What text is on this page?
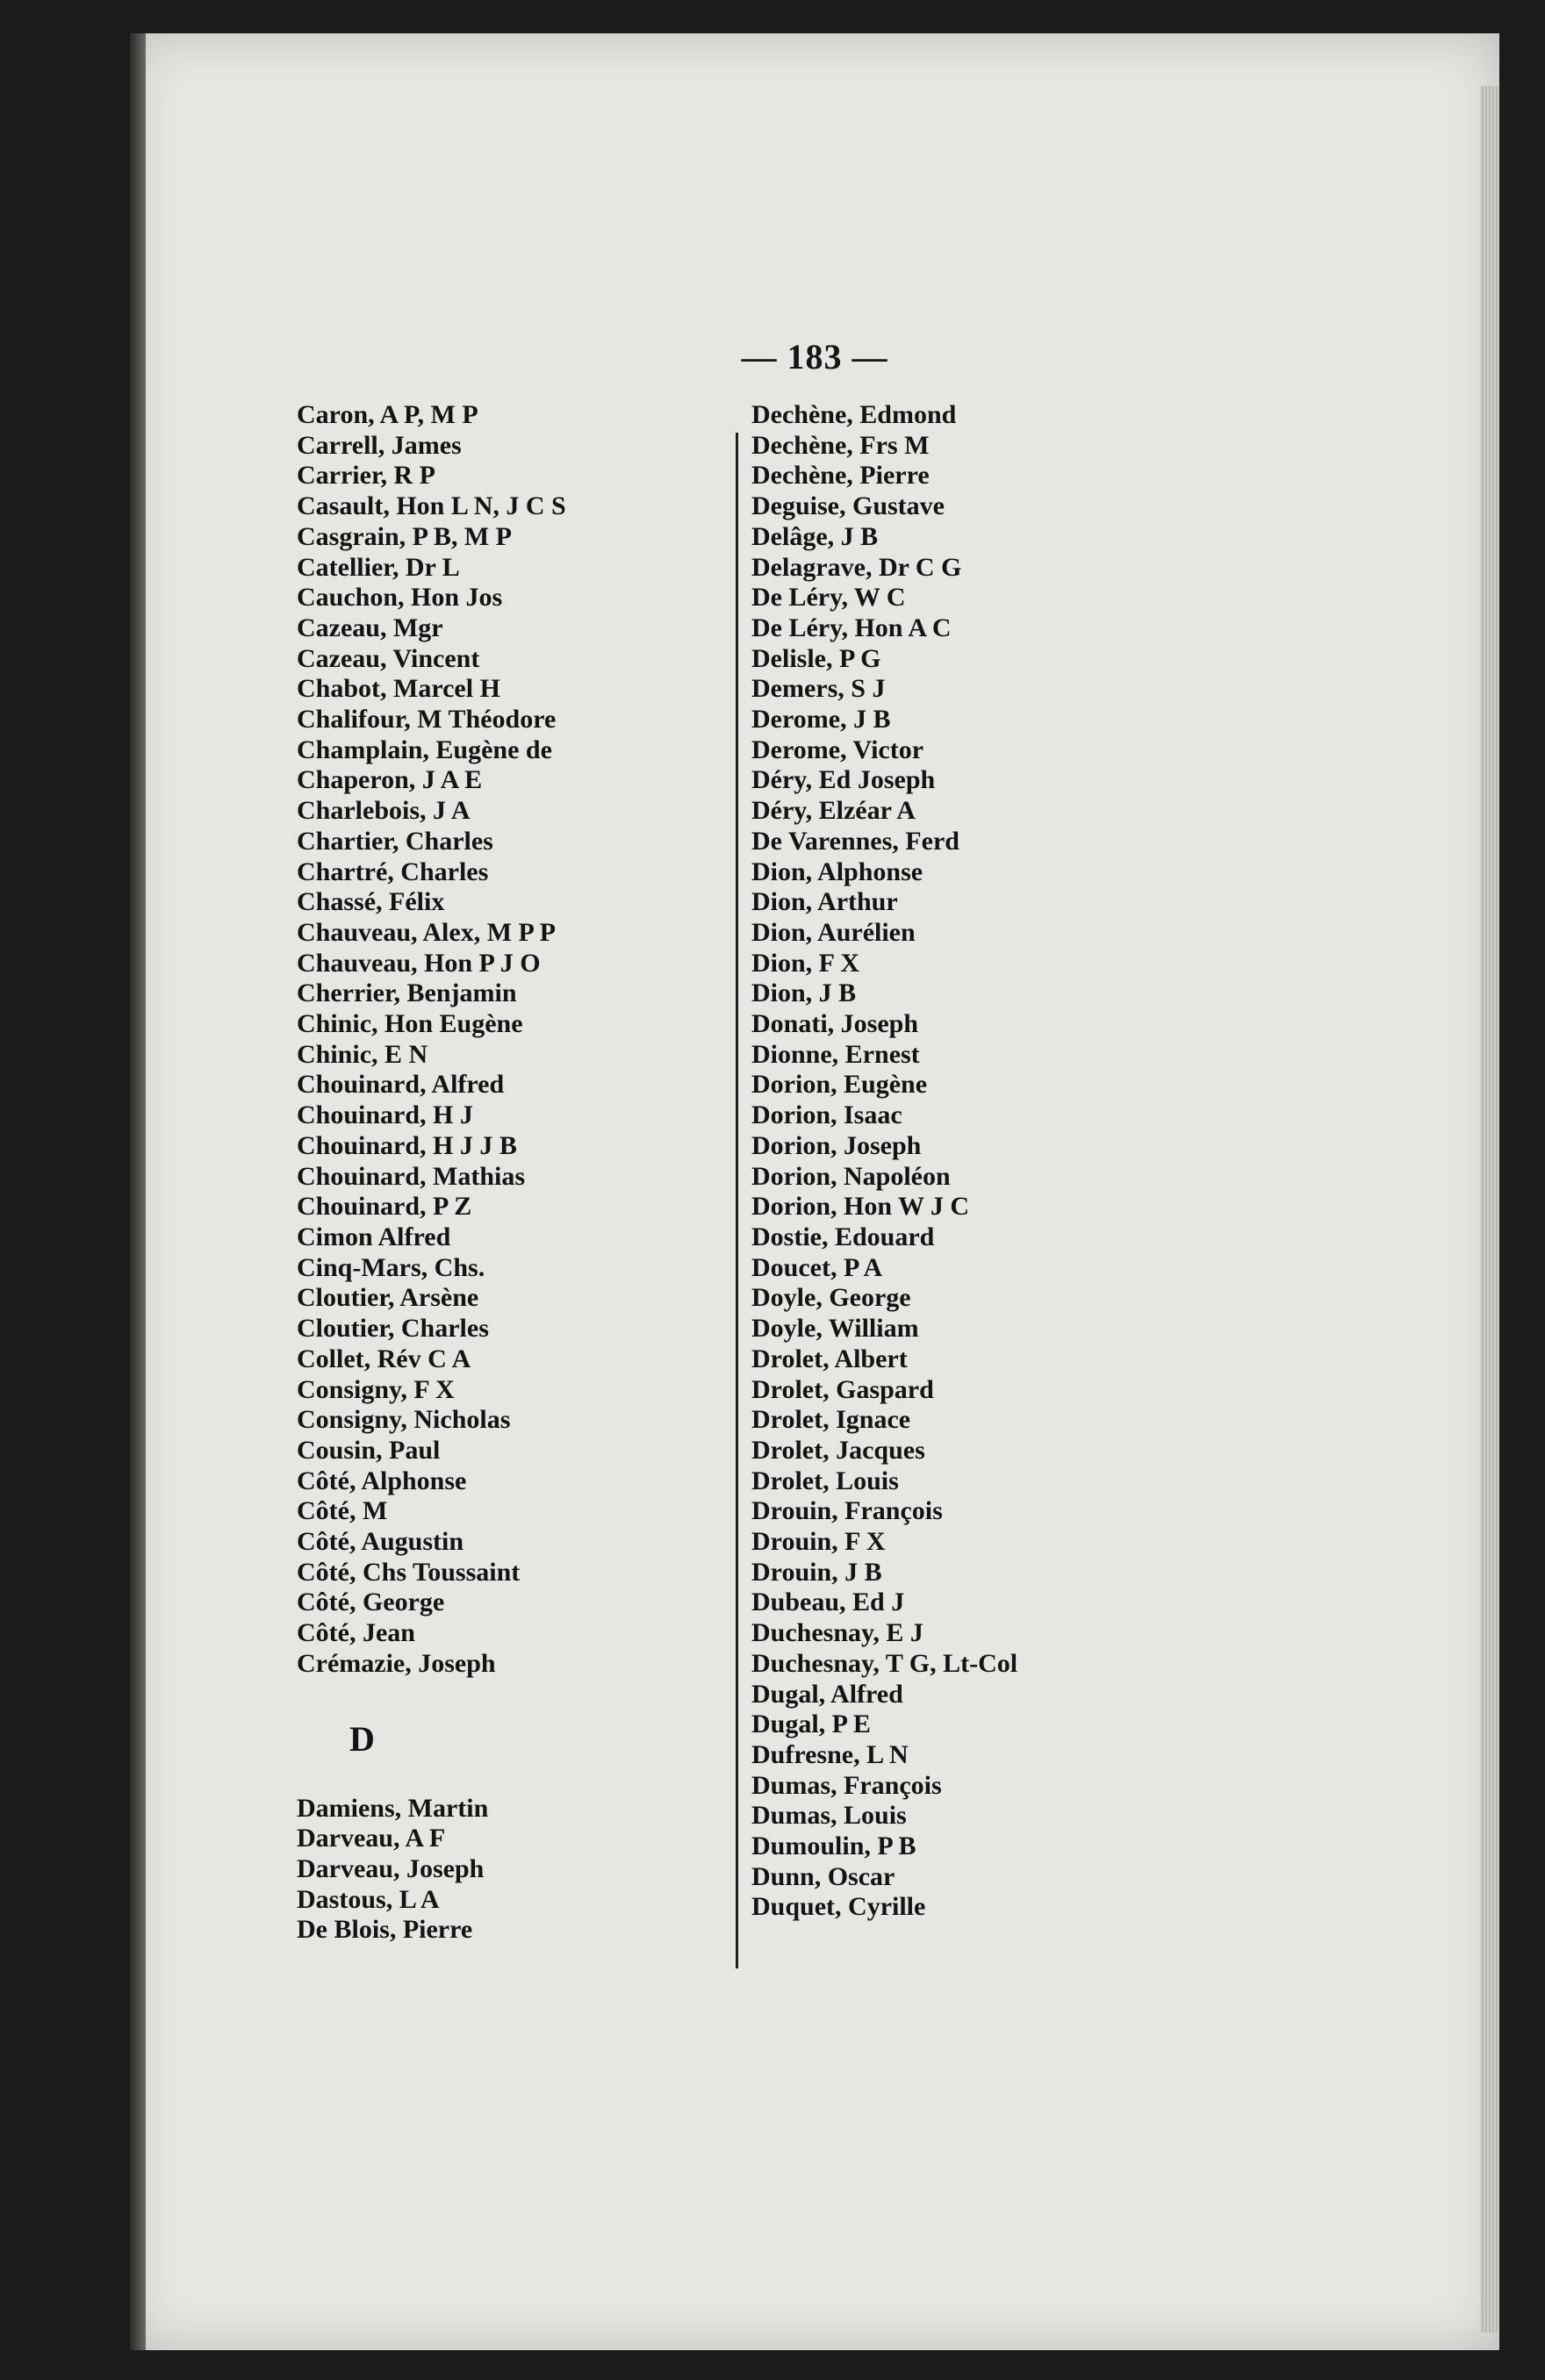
— 183 —
Caron, A P, M P
Carrell, James
Carrier, R P
Casault, Hon L N, J C S
Casgrain, P B, M P
Catellier, Dr L
Cauchon, Hon Jos
Cazeau, Mgr
Cazeau, Vincent
Chabot, Marcel H
Chalifour, M Théodore
Champlain, Eugène de
Chaperon, J A E
Charlebois, J A
Chartier, Charles
Chartré, Charles
Chassé, Félix
Chauveau, Alex, M P P
Chauveau, Hon P J O
Cherrier, Benjamin
Chinic, Hon Eugène
Chinic, E N
Chouinard, Alfred
Chouinard, H J
Chouinard, H J J B
Chouinard, Mathias
Chouinard, P Z
Cimon Alfred
Cinq-Mars, Chs.
Cloutier, Arsène
Cloutier, Charles
Collet, Rév C A
Consigny, F X
Consigny, Nicholas
Cousin, Paul
Côté, Alphonse
Côté, M
Côté, Augustin
Côté, Chs Toussaint
Côté, George
Côté, Jean
Crémazie, Joseph
D
Damiens, Martin
Darveau, A F
Darveau, Joseph
Dastous, L A
De Blois, Pierre
Dechène, Edmond
Dechène, Frs M
Dechène, Pierre
Deguise, Gustave
Delâge, J B
Delagrave, Dr C G
De Léry, W C
De Léry, Hon A C
Delisle, P G
Demers, S J
Derome, J B
Derome, Victor
Déry, Ed Joseph
Déry, Elzéar A
De Varennes, Ferd
Dion, Alphonse
Dion, Arthur
Dion, Aurélien
Dion, F X
Dion, J B
Donati, Joseph
Dionne, Ernest
Dorion, Eugène
Dorion, Isaac
Dorion, Joseph
Dorion, Napoléon
Dorion, Hon W J C
Dostie, Edouard
Doucet, P A
Doyle, George
Doyle, William
Drolet, Albert
Drolet, Gaspard
Drolet, Ignace
Drolet, Jacques
Drolet, Louis
Drouin, François
Drouin, F X
Drouin, J B
Dubeau, Ed J
Duchesnay, E J
Duchesnay, T G, Lt-Col
Dugal, Alfred
Dugal, P E
Dufresne, L N
Dumas, François
Dumas, Louis
Dumoulin, P B
Dunn, Oscar
Duquet, Cyrille
